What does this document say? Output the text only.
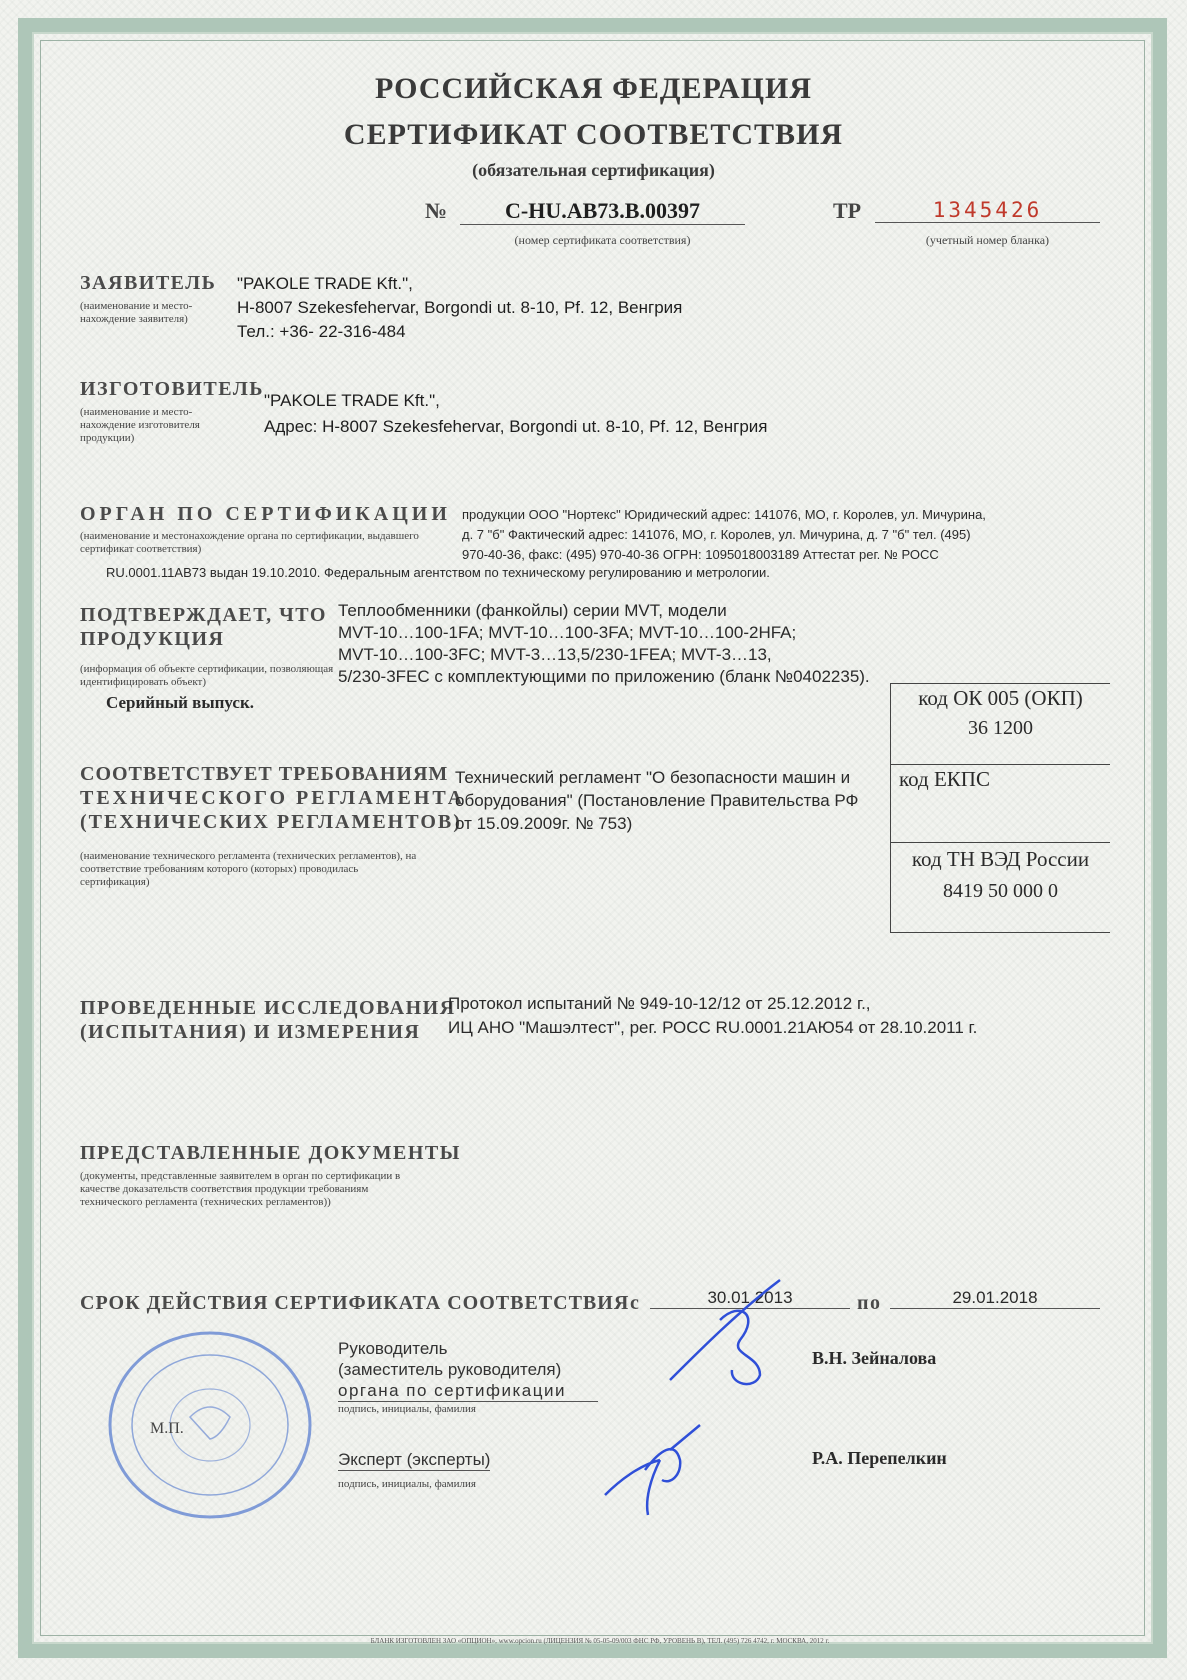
РОССИЙСКАЯ ФЕДЕРАЦИЯ
СЕРТИФИКАТ СООТВЕТСТВИЯ
(обязательная сертификация)
№	C-HU.AB73.B.00397
(номер сертификата соответствия)
ТР	1345426
(учетный номер бланка)
ЗАЯВИТЕЛЬ
(наименование и место-нахождение заявителя)
"PAKOLE TRADE Kft.",
H-8007 Szekesfehervar, Borgondi ut. 8-10, Pf. 12, Венгрия
Тел.: +36- 22-316-484
ИЗГОТОВИТЕЛЬ
(наименование и место-нахождение изготовителя продукции)
"PAKOLE TRADE Kft.",
Адрес: H-8007 Szekesfehervar, Borgondi ut. 8-10, Pf. 12, Венгрия
ОРГАН ПО СЕРТИФИКАЦИИ
(наименование и местонахождение органа по сертификации, выдавшего сертификат соответствия)
продукции ООО "Нортекс" Юридический адрес: 141076, МО, г. Королев, ул. Мичурина,
д. 7 "б" Фактический адрес: 141076, МО, г. Королев, ул. Мичурина, д. 7 "б" тел. (495)
970-40-36, факс: (495) 970-40-36 ОГРН: 1095018003189 Аттестат рег. № РОСС
RU.0001.11АВ73 выдан 19.10.2010. Федеральным агентством по техническому регулированию и метрологии.
ПОДТВЕРЖДАЕТ, ЧТО
ПРОДУКЦИЯ
(информация об объекте сертификации, позволяющая идентифицировать объект)
Теплообменники (фанкойлы) серии MVT, модели
MVT-10…100-1FA; MVT-10…100-3FA; MVT-10…100-2HFA;
MVT-10…100-3FC; MVT-3…13,5/230-1FEA; MVT-3…13,
5/230-3FEC с комплектующими по приложению (бланк №0402235).
Серийный выпуск.	код ОК 005 (ОКП)
36 1200
код ЕКПС
код ТН ВЭД России
8419 50 000 0
СООТВЕТСТВУЕТ ТРЕБОВАНИЯМ
ТЕХНИЧЕСКОГО РЕГЛАМЕНТА
(ТЕХНИЧЕСКИХ РЕГЛАМЕНТОВ)
(наименование технического регламента (технических регламентов), на соответствие требованиям которого (которых) проводилась сертификация)
Технический регламент "О безопасности машин и
оборудования" (Постановление Правительства РФ
от 15.09.2009г. № 753)
ПРОВЕДЕННЫЕ ИССЛЕДОВАНИЯ
(ИСПЫТАНИЯ) И ИЗМЕРЕНИЯ
Протокол испытаний № 949-10-12/12 от 25.12.2012 г.,
ИЦ АНО "Машэлтест", рег. РОСС RU.0001.21АЮ54 от 28.10.2011 г.
ПРЕДСТАВЛЕННЫЕ ДОКУМЕНТЫ
(документы, представленные заявителем в орган по сертификации в качестве доказательств соответствия продукции требованиям технического регламента (технических регламентов))
СРОК ДЕЙСТВИЯ СЕРТИФИКАТА СООТВЕТСТВИЯ с	30.01.2013	по	29.01.2018
М.П.
Руководитель
(заместитель руководителя)
органа по сертификации
подпись, инициалы, фамилия
В.Н. Зейналова
Эксперт (эксперты)
подпись, инициалы, фамилия
Р.А. Перепелкин
БЛАНК ИЗГОТОВЛЕН ЗАО «ОПЦИОН», www.opcion.ru (ЛИЦЕНЗИЯ № 05-05-09/003 ФНС РФ, УРОВЕНЬ В), ТЕЛ. (495) 726 4742, г. МОСКВА, 2012 г.
